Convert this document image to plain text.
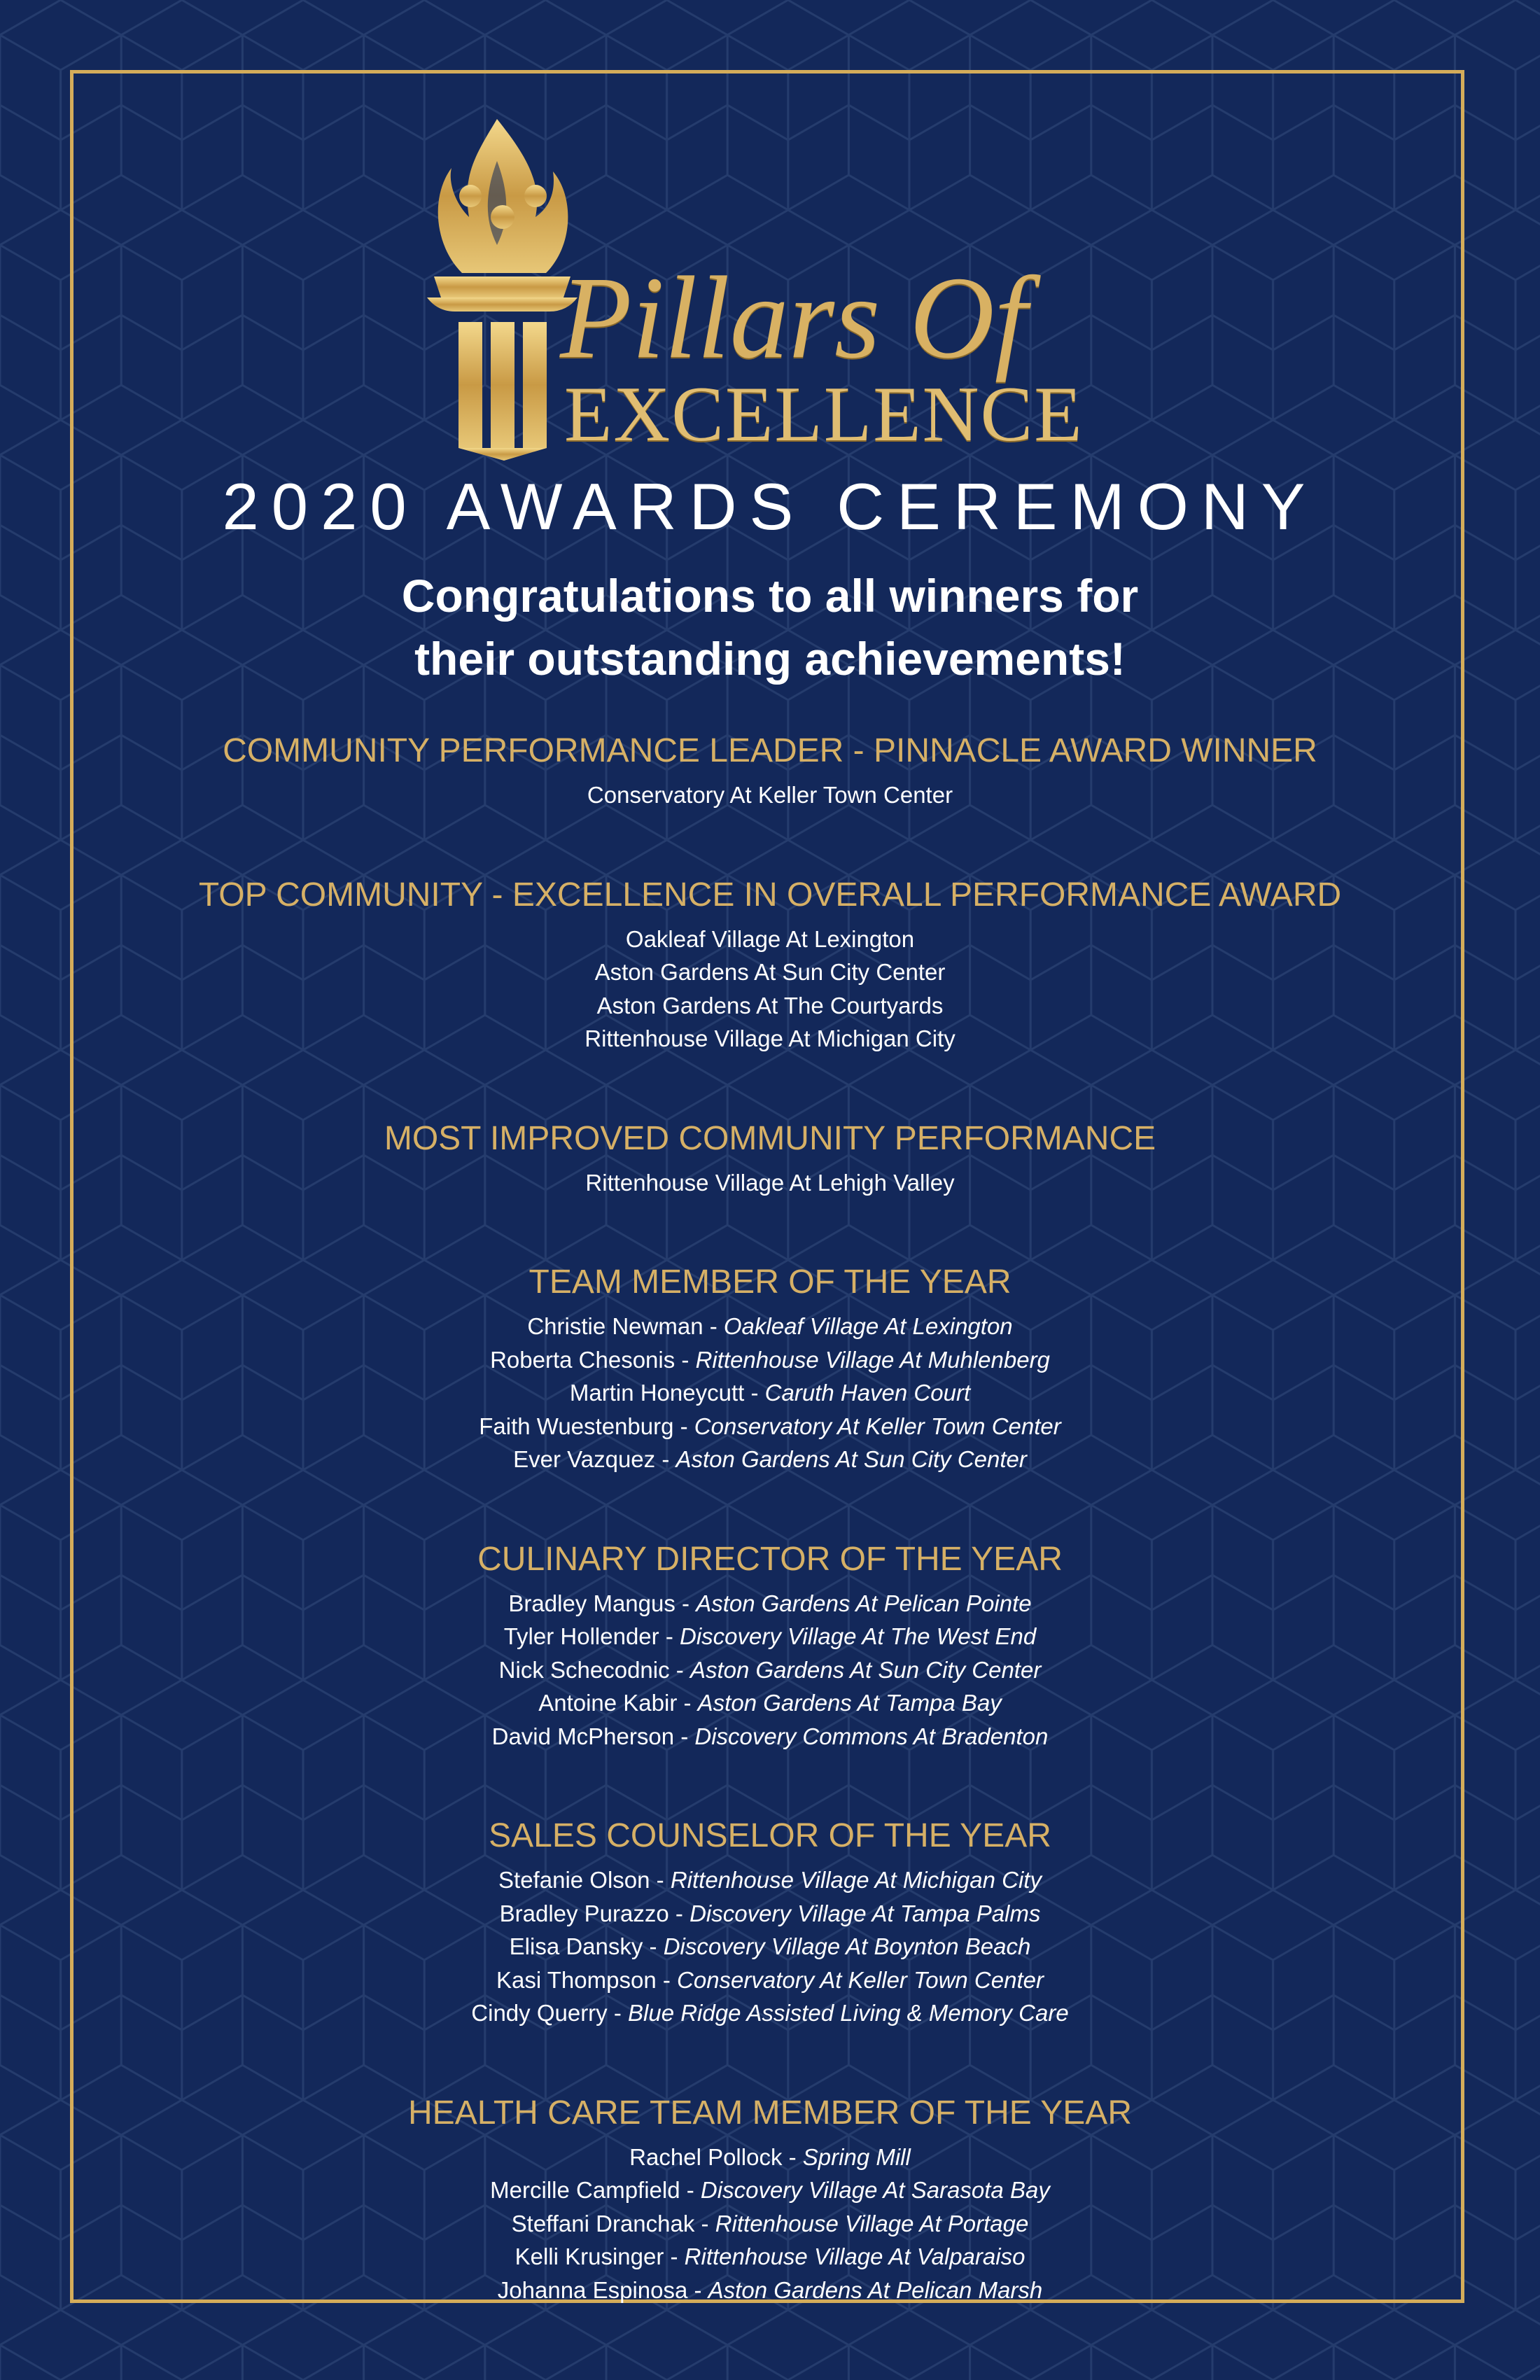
Pillars Of
EXCELLENCE
2020 AWARDS CEREMONY
Congratulations to all winners for
their outstanding achievements!
COMMUNITY PERFORMANCE LEADER - PINNACLE AWARD WINNER
Conservatory At Keller Town Center
TOP COMMUNITY - EXCELLENCE IN OVERALL PERFORMANCE AWARD
Oakleaf Village At Lexington
Aston Gardens At Sun City Center
Aston Gardens At The Courtyards
Rittenhouse Village At Michigan City
MOST IMPROVED COMMUNITY PERFORMANCE
Rittenhouse Village At Lehigh Valley
TEAM MEMBER OF THE YEAR
Christie Newman - Oakleaf Village At Lexington
Roberta Chesonis - Rittenhouse Village At Muhlenberg
Martin Honeycutt - Caruth Haven Court
Faith Wuestenburg - Conservatory At Keller Town Center
Ever Vazquez - Aston Gardens At Sun City Center
CULINARY DIRECTOR OF THE YEAR
Bradley Mangus - Aston Gardens At Pelican Pointe
Tyler Hollender - Discovery Village At The West End
Nick Schecodnic - Aston Gardens At Sun City Center
Antoine Kabir - Aston Gardens At Tampa Bay
David McPherson - Discovery Commons At Bradenton
SALES COUNSELOR OF THE YEAR
Stefanie Olson - Rittenhouse Village At Michigan City
Bradley Purazzo - Discovery Village At Tampa Palms
Elisa Dansky - Discovery Village At Boynton Beach
Kasi Thompson - Conservatory At Keller Town Center
Cindy Querry - Blue Ridge Assisted Living & Memory Care
HEALTH CARE TEAM MEMBER OF THE YEAR
Rachel Pollock - Spring Mill
Mercille Campfield - Discovery Village At Sarasota Bay
Steffani Dranchak - Rittenhouse Village At Portage
Kelli Krusinger - Rittenhouse Village At Valparaiso
Johanna Espinosa - Aston Gardens At Pelican Marsh
